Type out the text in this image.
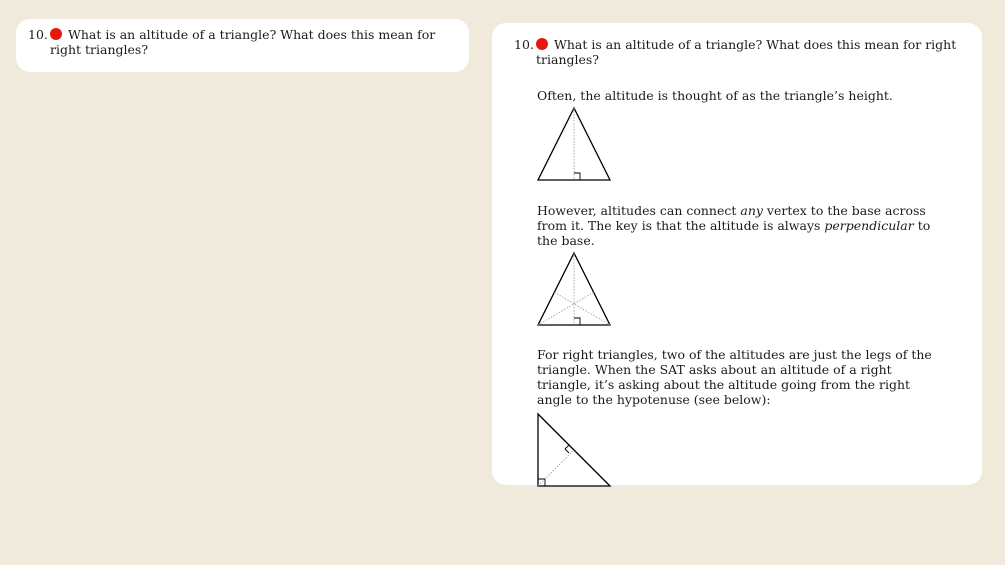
10.	What is an altitude of a triangle? What does this mean for right triangles?	10.	What is an altitude of a triangle? What does this mean for right triangles?
Often, the altitude is thought of as the triangle’s height.
However, altitudes can connect any vertex to the base across from it. The key is that the altitude is always perpendicular to the base.
For right triangles, two of the altitudes are just the legs of the triangle. When the SAT asks about an altitude of a right triangle, it’s asking about the altitude going from the right angle to the hypotenuse (see below):
